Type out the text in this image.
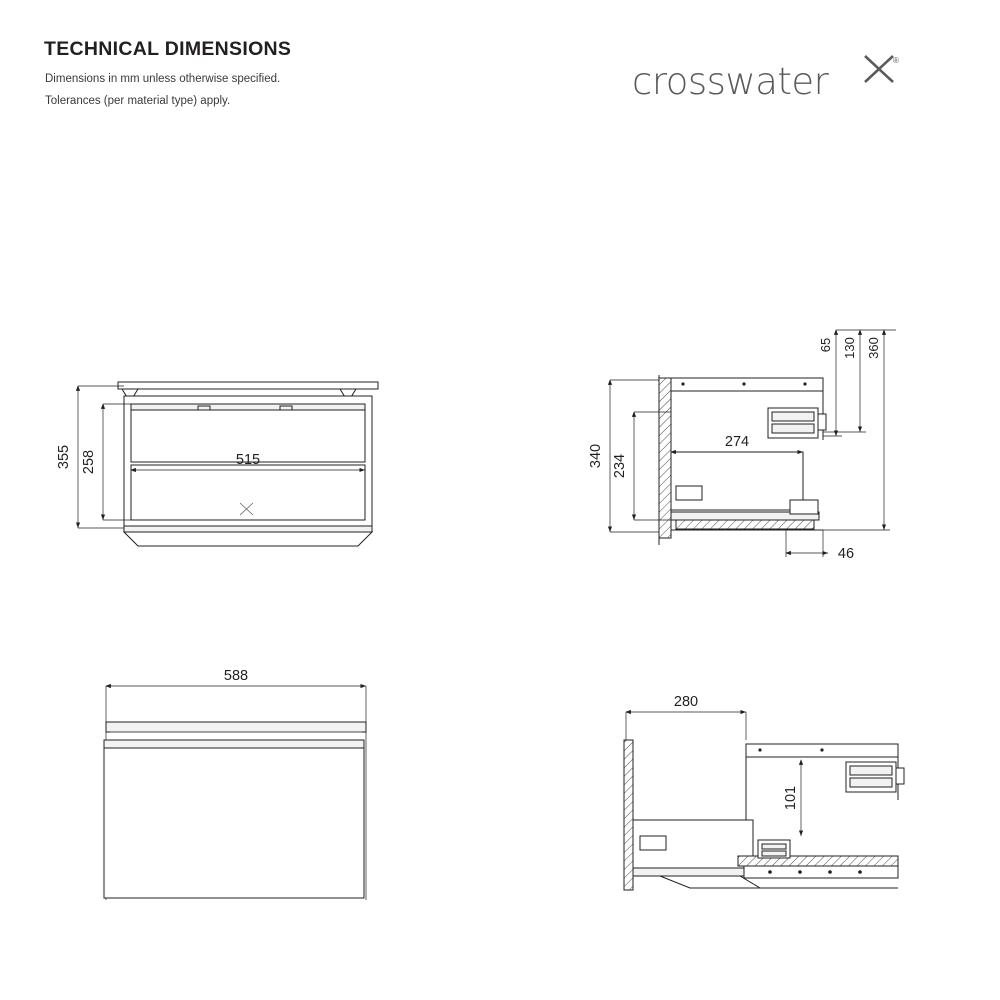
TECHNICAL DIMENSIONS
Dimensions in mm unless otherwise specified.
Tolerances (per material type) apply.	crosswater	®
355 258	515	340 234
274
65 130 360
46
588
280
101
